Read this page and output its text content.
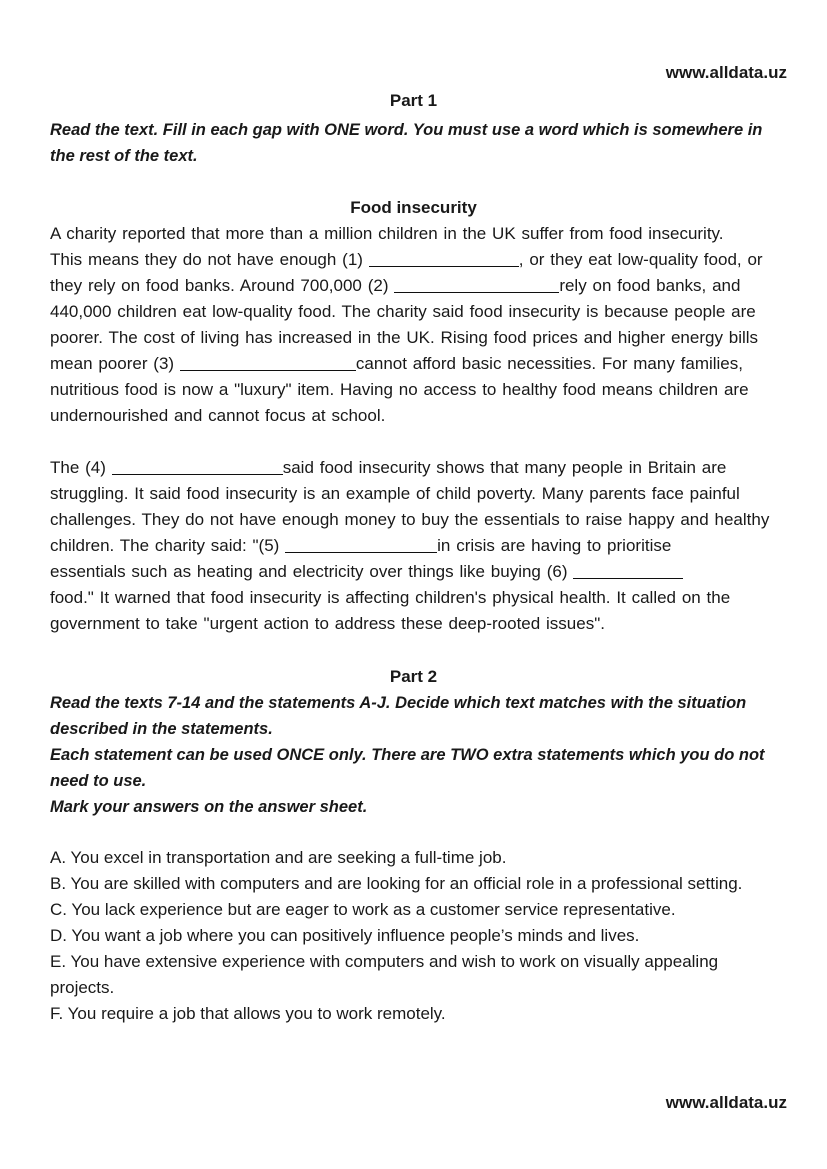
www.alldata.uz
Part 1
Read the text. Fill in each gap with ONE word. You must use a word which is somewhere in
the rest of the text.
Food insecurity
A charity reported that more than a million children in the UK suffer from food insecurity.
This means they do not have enough (1)	, or they eat low-quality food, or
they rely on food banks. Around 700,000 (2)	rely on food banks, and
440,000 children eat low-quality food. The charity said food insecurity is because people are
poorer. The cost of living has increased in the UK. Rising food prices and higher energy bills
mean poorer (3)	cannot afford basic necessities. For many families,
nutritious food is now a "luxury" item. Having no access to healthy food means children are
undernourished and cannot focus at school.
The (4)	said food insecurity shows that many people in Britain are
struggling. It said food insecurity is an example of child poverty. Many parents face painful
challenges. They do not have enough money to buy the essentials to raise happy and healthy
children. The charity said: "(5)	in crisis are having to prioritise
essentials such as heating and electricity over things like buying (6)
food." It warned that food insecurity is affecting children's physical health. It called on the
government to take "urgent action to address these deep-rooted issues".
Part 2
Read the texts 7-14 and the statements A-J. Decide which text matches with the situation
described in the statements.
Each statement can be used ONCE only. There are TWO extra statements which you do not
need to use.
Mark your answers on the answer sheet.
A. You excel in transportation and are seeking a full-time job.
B. You are skilled with computers and are looking for an official role in a professional setting.
C. You lack experience but are eager to work as a customer service representative.
D. You want a job where you can positively influence people’s minds and lives.
E. You have extensive experience with computers and wish to work on visually appealing
projects.
F. You require a job that allows you to work remotely.
www.alldata.uz
